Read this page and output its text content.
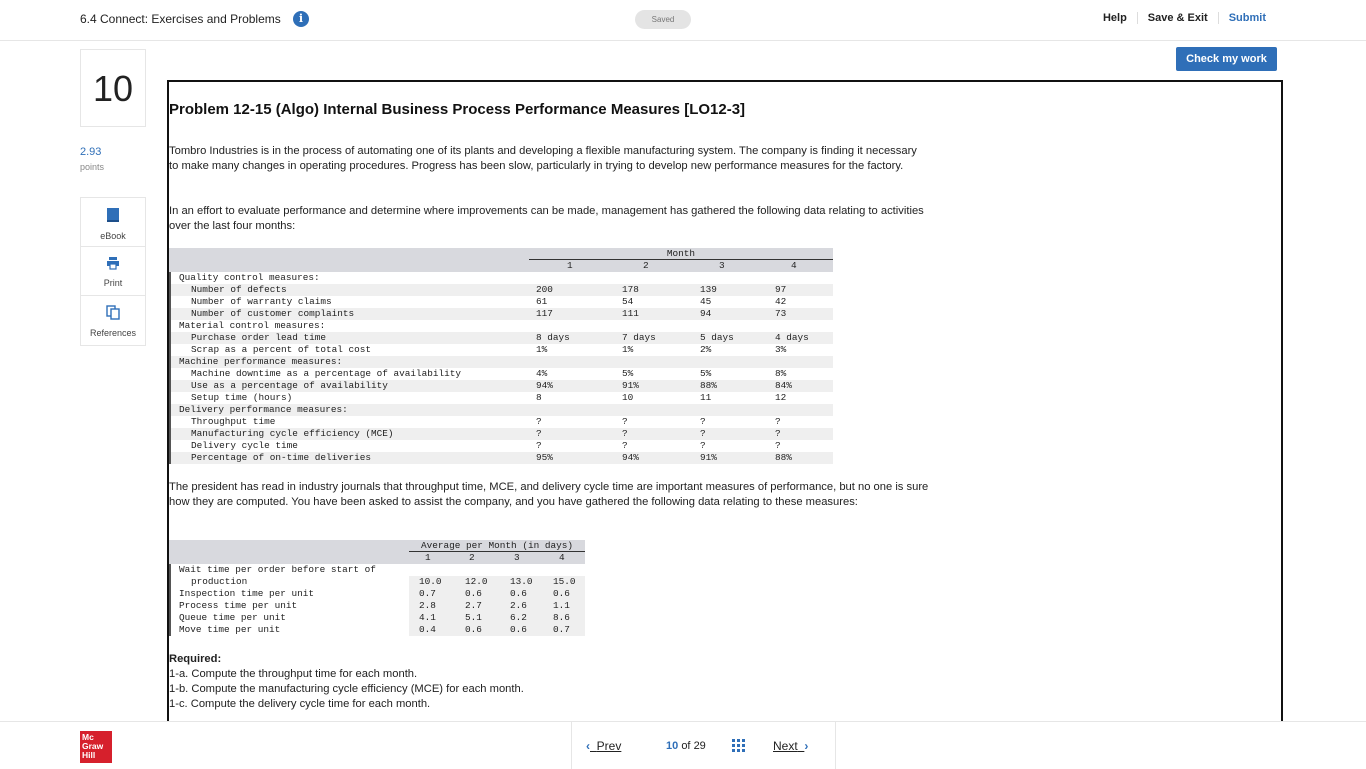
6.4 Connect: Exercises and Problems	i	Saved	Help	Save & Exit	Submit
10
2.93
points
eBook
Print
References
Check my work
Problem 12-15 (Algo) Internal Business Process Performance Measures [LO12-3]
Tombro Industries is in the process of automating one of its plants and developing a flexible manufacturing system. The company is finding it necessary to make many changes in operating procedures. Progress has been slow, particularly in trying to develop new performance measures for the factory.
In an effort to evaluate performance and determine where improvements can be made, management has gathered the following data relating to activities over the last four months:
Month
1	2	3	4
Quality control measures:
Number of defects	200	178	139	97
Number of warranty claims	61	54	45	42
Number of customer complaints	117	111	94	73
Material control measures:
Purchase order lead time	8 days	7 days	5 days	4 days
Scrap as a percent of total cost	1%	1%	2%	3%
Machine performance measures:
Machine downtime as a percentage of availability	4%	5%	5%	8%
Use as a percentage of availability	94%	91%	88%	84%
Setup time (hours)	8	10	11	12
Delivery performance measures:
Throughput time	?	?	?	?
Manufacturing cycle efficiency (MCE)	?	?	?	?
Delivery cycle time	?	?	?	?
Percentage of on-time deliveries	95%	94%	91%	88%
The president has read in industry journals that throughput time, MCE, and delivery cycle time are important measures of performance, but no one is sure how they are computed. You have been asked to assist the company, and you have gathered the following data relating to these measures:
Average per Month (in days)
1	2	3	4
Wait time per order before start of
production	10.0 12.0 13.0 15.0
Inspection time per unit	0.7	0.6	0.6	0.6
Process time per unit	2.8	2.7	2.6	1.1
Queue time per unit	4.1	5.1	6.2	8.6
Move time per unit	0.4	0.6	0.6	0.7
Required:
1-a. Compute the throughput time for each month.
1-b. Compute the manufacturing cycle efficiency (MCE) for each month.
1-c. Compute the delivery cycle time for each month.
Mc
Graw
Hill
‹ Prev	10 of 29	Next ›
